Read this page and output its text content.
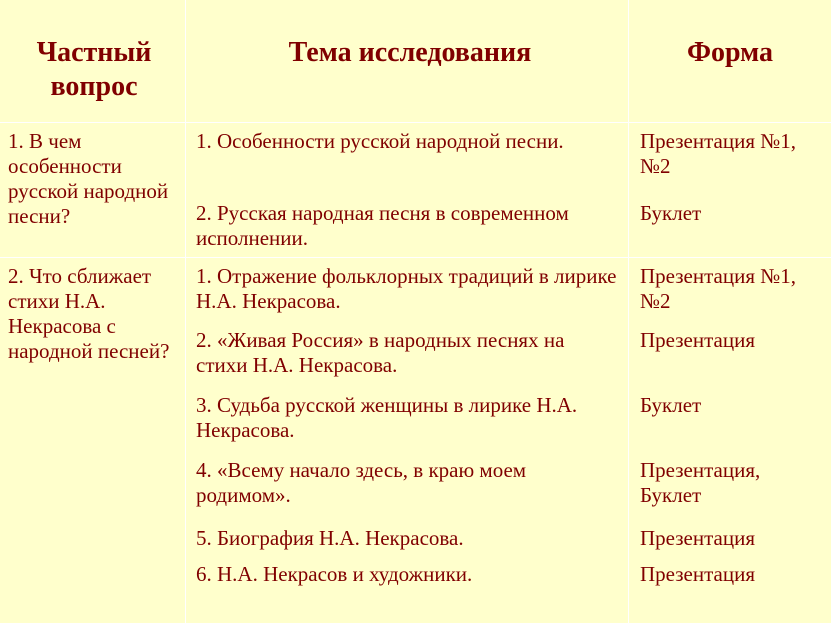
Частный вопрос
Тема исследования	Форма
1. В чем особенности русской народной песни?
2. Что сближает стихи Н.А. Некрасова с народной песней?
1. Особенности русской народной песни.
2. Русская народная песня в современном исполнении.
1. Отражение фольклорных традиций в лирике Н.А. Некрасова.
2. «Живая Россия» в народных песнях на стихи Н.А. Некрасова.
3. Судьба русской женщины в лирике Н.А. Некрасова.
4. «Всему начало здесь, в краю моем родимом».
5. Биография Н.А. Некрасова.
6. Н.А. Некрасов и художники.
Презентация №1, №2
Буклет
Презентация №1, №2
Презентация
Буклет
Презентация, Буклет
Презентация
Презентация
